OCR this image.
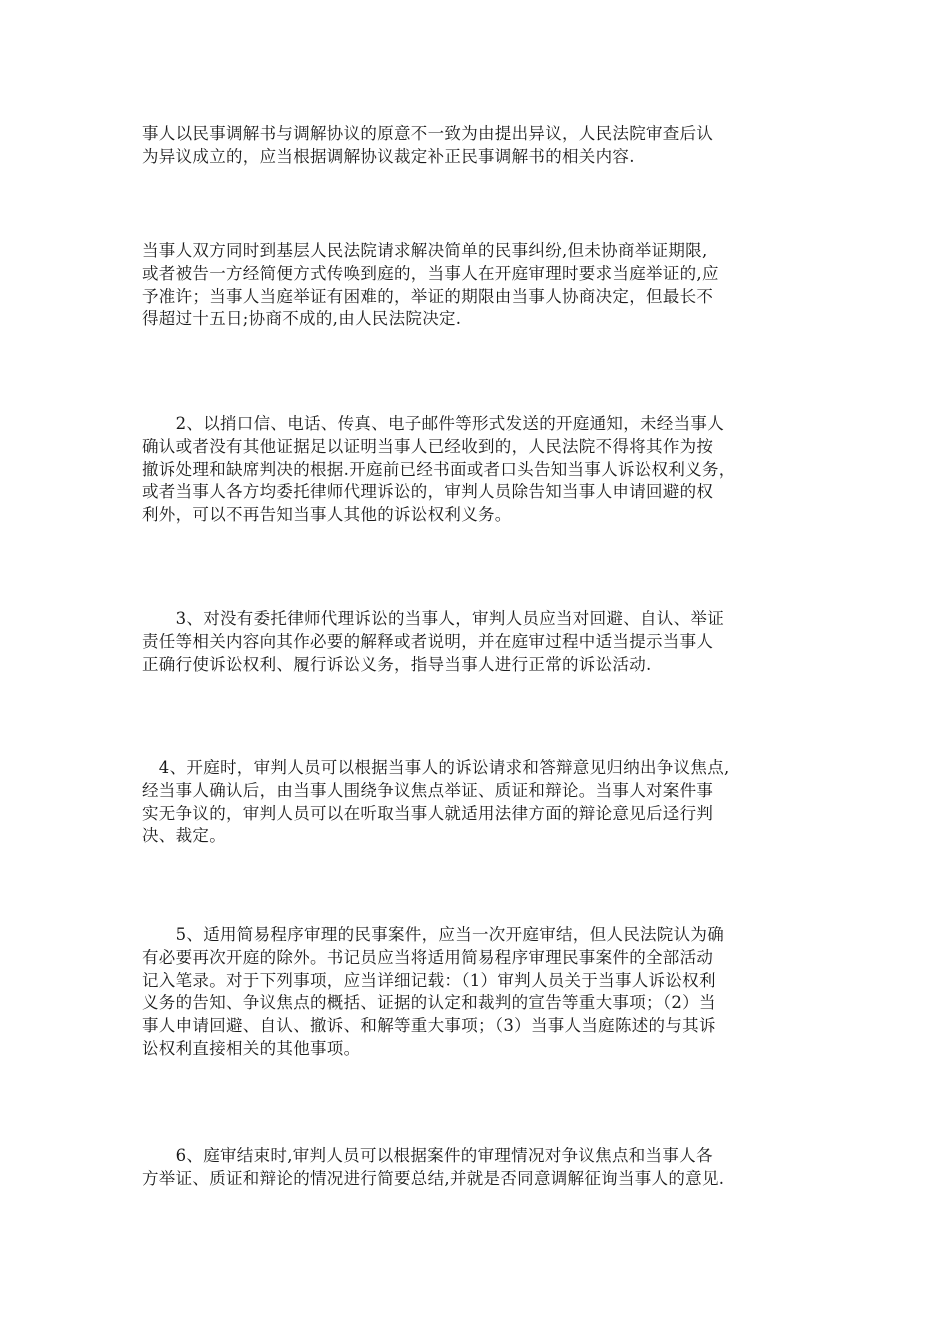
事人以民事调解书与调解协议的原意不一致为由提出异议，人民法院审查后认
为异议成立的，应当根据调解协议裁定补正民事调解书的相关内容.
当事人双方同时到基层人民法院请求解决简单的民事纠纷,但未协商举证期限,
或者被告一方经简便方式传唤到庭的，当事人在开庭审理时要求当庭举证的,应
予准许；当事人当庭举证有困难的，举证的期限由当事人协商决定，但最长不
得超过十五日;协商不成的,由人民法院决定.
　　2、以捎口信、电话、传真、电子邮件等形式发送的开庭通知，未经当事人
确认或者没有其他证据足以证明当事人已经收到的，人民法院不得将其作为按
撤诉处理和缺席判决的根据.开庭前已经书面或者口头告知当事人诉讼权利义务，
或者当事人各方均委托律师代理诉讼的，审判人员除告知当事人申请回避的权
利外，可以不再告知当事人其他的诉讼权利义务。
　　3、对没有委托律师代理诉讼的当事人，审判人员应当对回避、自认、举证
责任等相关内容向其作必要的解释或者说明，并在庭审过程中适当提示当事人
正确行使诉讼权利、履行诉讼义务，指导当事人进行正常的诉讼活动.
　4、开庭时，审判人员可以根据当事人的诉讼请求和答辩意见归纳出争议焦点,
经当事人确认后，由当事人围绕争议焦点举证、质证和辩论。当事人对案件事
实无争议的，审判人员可以在听取当事人就适用法律方面的辩论意见后迳行判
决、裁定。
　　5、适用简易程序审理的民事案件，应当一次开庭审结，但人民法院认为确
有必要再次开庭的除外。书记员应当将适用简易程序审理民事案件的全部活动
记入笔录。对于下列事项，应当详细记载：（1）审判人员关于当事人诉讼权利
义务的告知、争议焦点的概括、证据的认定和裁判的宣告等重大事项；（2）当
事人申请回避、自认、撤诉、和解等重大事项；（3）当事人当庭陈述的与其诉
讼权利直接相关的其他事项。
　　6、庭审结束时,审判人员可以根据案件的审理情况对争议焦点和当事人各
方举证、质证和辩论的情况进行简要总结,并就是否同意调解征询当事人的意见.
